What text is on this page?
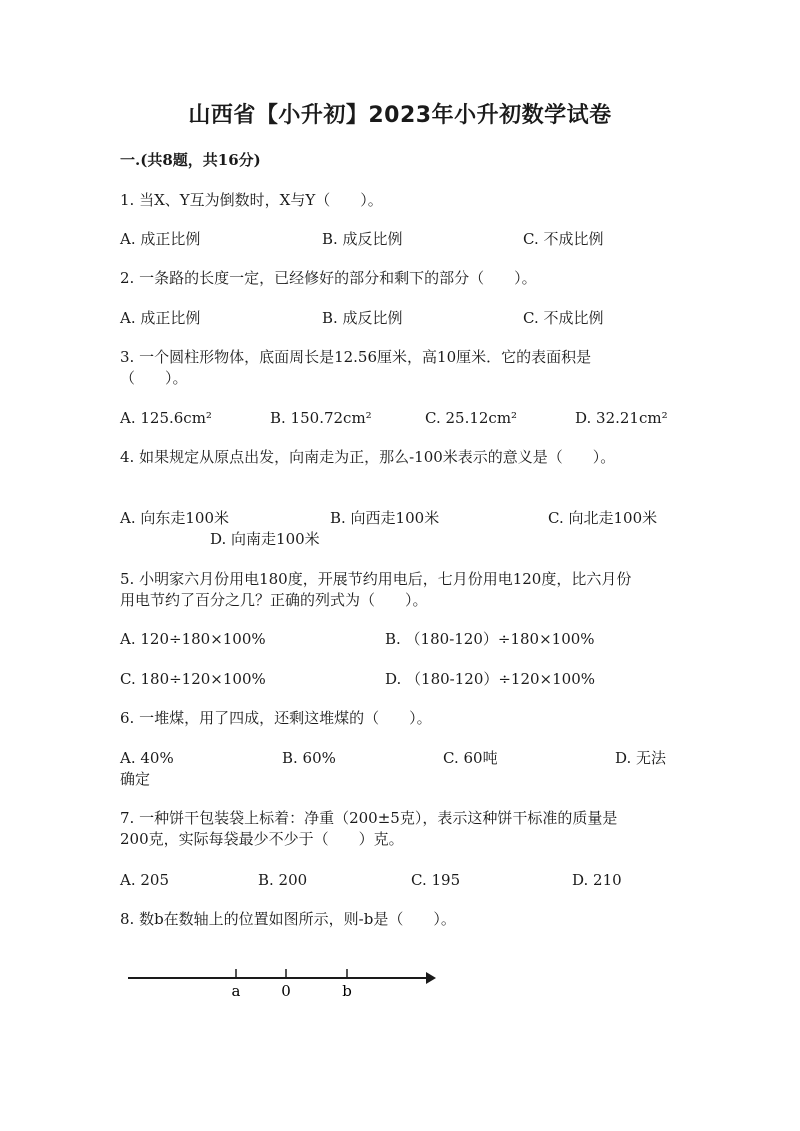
山西省【小升初】2023年小升初数学试卷
一.(共8题，共16分)
1. 当X、Y互为倒数时，X与Y（　　）。
A. 成正比例	B. 成反比例	C. 不成比例
2. 一条路的长度一定，已经修好的部分和剩下的部分（　　）。
A. 成正比例	B. 成反比例	C. 不成比例
3. 一个圆柱形物体，底面周长是12.56厘米，高10厘米．它的表面积是
（　　）。
A. 125.6cm²	B. 150.72cm²	C. 25.12cm²	D. 32.21cm²
4. 如果规定从原点出发，向南走为正，那么-100米表示的意义是（　　）。
A. 向东走100米	B. 向西走100米	C. 向北走100米
D. 向南走100米
5. 小明家六月份用电180度，开展节约用电后，七月份用电120度，比六月份
用电节约了百分之几？正确的列式为（　　）。
A. 120÷180×100%	B. （180-120）÷180×100%
C. 180÷120×100%	D. （180-120）÷120×100%
6. 一堆煤，用了四成，还剩这堆煤的（　　）。
A. 40%	B. 60%	C. 60吨	D. 无法
确定
7. 一种饼干包装袋上标着：净重（200±5克），表示这种饼干标准的质量是
200克，实际每袋最少不少于（　　）克。
A. 205	B. 200	C. 195	D. 210
8. 数b在数轴上的位置如图所示，则-b是（　　）。
a	0	b
